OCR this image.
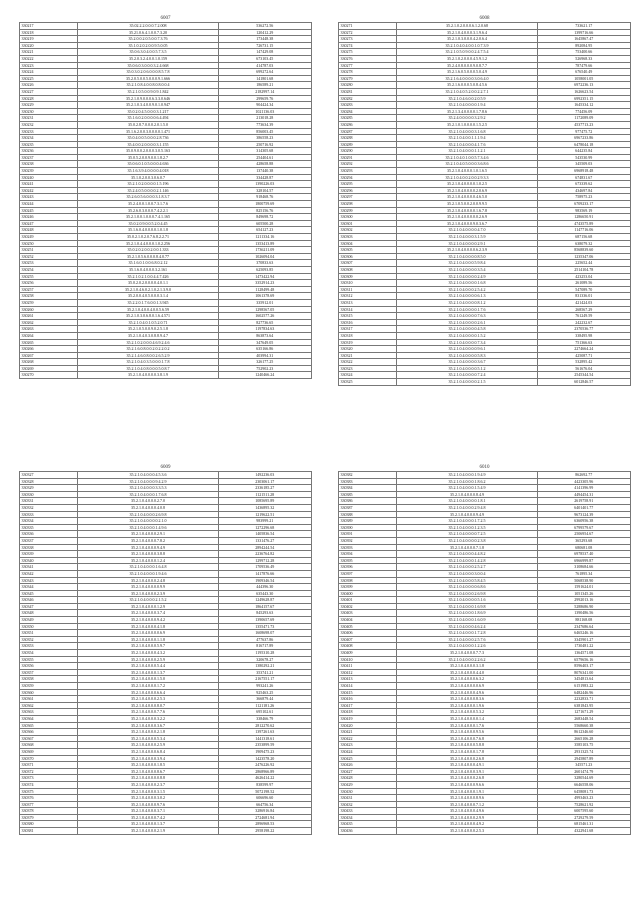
6007
330217	35.02.2.2.0.0.0.7.2.008	536272.56
330218	35.21.0.6.4.1.0.0.7.3.20	120412.29
330219	35.2.0.0.2.0.5.0.0.7.3.76	173448.38
330220	35.1.0.2.0.2.0.0.9.5.0.05	726731.15
330221	35.0.6.3.0.4.0.0.5.7.3.5	147429.08
330222	35.2.0.3.2.4.0.0.1.0.159	673103.45
330223	35.0.6.0.3.0.0.0.3.2.4.668	414787.03
330224	35.0.3.0.2.0.6.0.0.0.8.5.7.8	699272.64
330225	35.2.0.5.0.0.5.0.0.0.9.1.666	141801.68
330226	35.2.1.0.8.4.0.0.8.0.8.0.0.4	186589.21
330227	35.2.1.0.5.0.0.9.0.9.1.842	2182997.14
330228	35.2.1.0.9.0.0.0.6.3.3.0.646	299659.76
330229	35.2.1.0.3.4.0.0.9.0.1.0.947	904424.34
330230	35.0.2.0.4.5.0.0.0.3.1.217	1021136.03
330231	35.1.6.0.2.0.0.0.0.6.4.494	213018.28
330232	35.0.2.8.7.0.0.0.2.0.1.5.0	773634.39
330233	35.1.6.2.0.0.3.0.0.0.0.1.471	856003.45
330234	35.0.4.0.0.5.0.0.0.2.8.736	386558.23
330235	35.4.0.0.2.0.0.0.0.3.1.155	250716.92
330236	35.0.9.0.0.2.0.0.0.3.0.5.163	314305.68
330237	35.0.5.2.0.0.9.0.0.1.8.2.7	254404.61
330238	35.0.6.0.1.0.5.0.0.0.4.636	428658.88
330239	35.1.6.3.9.4.0.0.0.0.4.018	137440.38
330240	35.1.0.2.0.0.3.0.6.0.7	334428.87
330241	35.2.1.0.2.0.0.0.0.1.5.196	1390226.03
330242	35.2.4.0.5.0.0.0.0.2.1.146	328104.57
330243	35.2.6.0.5.6.0.0.0.3.1.8.3.7	918468.76
330244	35.2.4.0.0.1.0.0.7.3.1.7.6	1800759.69
330245	35.2.6.0.3.0.0.0.7.4.2.2.1	825156.76
330246	35.2.1.0.0.1.0.0.0.7.4.1.165	849698.72
330247	35.0.2.0.9.0.0.5.2.0.4.45	605500.28
330248	35.1.6.0.4.0.0.0.0.1.0.1.8	654127.23
330249	35.0.2.1.0.2.0.7.6.8.2.2.71	1211334.16
330250	35.2.1.0.4.4.0.0.0.1.0.2.256	1353413.89
330251	35.0.2.0.2.0.0.2.0.0.1.333	1736211.09
330252	35.2.1.0.5.6.0.0.0.8.4.0.77	1026094.04
330253	35.1.6.0.1.0.0.6.8.0.2.12	370833.63
330254	35.1.6.0.4.0.0.0.3.2.161	625093.85
330255	35.2.1.0.2.1.0.0.4.4.7.426	1473422.94
330256	35.0.2.0.2.0.0.0.0.4.0.1.1	3352914.23
330257	35.2.1.0.4.6.0.2.1.0.2.1.3.9.0	1128499.48
330258	35.2.0.0.4.0.5.0.0.0.3.1.4	1061378.69
330259	35.2.2.0.1.7.6.0.0.1.3.945	335912.01
330260	35.2.1.0.4.0.0.4.0.0.5.6.59	1298567.05
330261	35.2.1.0.3.0.6.8.0.1.6.4.571	1602577.26
330262	35.2.1.0.4.0.1.0.5.2.0.71	827736.65
330263	35.2.1.0.5.0.0.9.0.2.5.1.8	1197834.63
330264	35.2.1.0.4.0.3.0.8.8.9.4.7	863873.64
330265	35.2.1.0.2.0.0.0.4.6.9.2.4.6	347649.05
330266	35.2.1.6.0.8.0.0.2.0.2.2.0.2	635166.86
330267	35.2.1.4.6.0.8.0.0.2.6.5.2.9	403994.31
330268	35.2.1.0.4.0.3.5.0.0.0.1.7.8	326177.25
330269	35.2.1.0.4.0.8.0.0.0.5.0.8.7	752902.23
330270	35.2.1.0.4.0.0.0.0.3.8.1.9	1240466.24
6008
330271	35.2.1.0.2.0.0.0.6.1.2.0.68	733621.17
330272	35.2.1.0.4.0.0.0.3.1.9.6.4	1399716.66
330273	35.2.1.0.3.0.0.0.4.2.0.6.4	1645867.47
330274	35.2.1.0.4.0.4.0.0.1.0.7.3.9	892084.95
330275	35.2.1.0.5.0.9.0.0.2.4.7.5.4	753400.66
330276	35.2.1.0.2.0.0.0.4.5.9.1.2	526968.33
330277	35.2.4.0.8.0.0.0.9.0.8.7.7	787479.66
330278	35.2.1.6.0.5.0.0.0.5.0.4.9	676540.49
330279	35.2.1.6.4.0.0.0.0.3.0.6.4.0	1058001.05
330280	35.2.1.6.0.0.0.5.0.8.4.5.6	6972236.13
330281	35.2.1.0.4.0.5.2.0.0.2.2.7.1	1626623.54
330282	35.2.1.0.4.6.0.0.2.0.5.9	6992351.15
330283	35.2.1.0.4.0.0.0.0.1.9.4	1645334.12
330284	35.2.1.3.4.0.0.0.0.1.7.8.6	774456.09
330285	35.2.4.0.0.0.0.0.3.2.9.2	1172089.09
330286	35.2.1.0.1.0.0.0.0.1.5.2.5	4537713.23
330287	35.2.1.0.4.0.0.0.3.1.6.8	977475.72
330288	35.2.1.0.4.0.0.1.1.1.9.4	6967233.86
330289	35.2.1.0.4.0.0.0.4.1.7.6	6478044.18
330290	35.2.1.0.4.0.0.0.1.1.2.1	644235.84
330291	35.2.1.0.4.0.1.0.0.5.7.3.4.6	543530.99
330292	35.2.1.0.4.0.5.0.0.0.3.6.8.6	345509.03
330293	35.2.1.0.4.0.0.0.1.0.1.6.5	6968918.48
330294	35.2.1.0.4.0.0.2.0.0.2.9.3.3	674831.67
330295	35.2.1.0.4.0.0.0.0.1.0.2.5	673339.62
330296	35.2.1.0.4.0.0.0.0.2.0.6.9	434697.84
330297	35.2.1.0.4.0.0.0.0.4.6.5.0	758975.23
330298	35.2.1.0.5.0.0.2.0.0.9.9.5	6709233.17
330299	35.2.1.0.4.0.0.0.0.1.6.7.8	983569.19
330300	35.2.1.0.4.0.0.0.0.0.2.6.9	1286650.91
330301	35.2.1.0.4.0.0.0.9.0.3.6.7	4743575.89
330302	35.2.1.0.4.0.0.0.0.4.7.0	1147716.06
330303	35.2.1.0.4.0.0.0.3.1.5.9	687156.68
330304	35.2.1.0.4.0.0.0.0.2.9.1	638079.32
330305	35.2.1.0.4.0.0.0.0.6.2.3.9	8568839.60
330306	35.2.1.0.4.0.0.0.0.8.5.0	1235347.06
330307	35.2.1.0.4.0.0.0.5.9.8.4	225652.44
330308	35.2.1.0.4.0.0.0.0.3.5.4	2514104.78
330309	35.2.1.0.4.0.0.0.0.2.4.9	423253.04
330310	35.2.1.0.4.0.0.0.0.1.6.8	261089.56
330311	35.2.1.0.4.0.0.0.2.5.4.2	547089.70
330312	35.2.1.0.4.0.0.0.0.6.1.3	831336.01
330313	35.2.1.0.4.0.0.0.0.8.1.2	421424.03
330314	35.2.1.0.4.0.0.0.0.1.7.6	268567.29
330315	35.2.1.0.4.0.0.0.0.7.6.3	761249.59
330316	35.2.1.0.4.0.0.0.0.2.6.1	242232.67
330317	35.2.1.0.4.0.0.0.0.4.5.8	2370536.77
330318	35.2.1.0.4.0.0.0.0.1.5.2	338495.98
330319	35.2.1.0.4.0.0.0.0.7.3.4	751366.63
330320	35.2.1.0.4.0.0.0.0.9.6.1	2274664.24
330321	35.2.1.0.4.0.0.0.0.5.8.3	425087.71
330322	35.2.1.0.4.0.0.0.0.3.6.7	532895.42
330323	35.2.1.0.4.0.0.0.0.5.1.2	561676.04
330324	35.2.1.0.4.0.0.0.0.7.2.4	2545344.54
330325	35.2.1.0.4.0.0.0.0.2.1.5	6012846.57
6009
330327	35.2.1.0.4.0.0.0.4.5.3.6	1492236.03
330328	35.2.1.0.4.0.0.0.9.4.2.9	2303061.17
330329	35.2.1.0.4.0.0.0.3.3.5.3	2336185.27
330330	35.2.1.0.4.0.0.0.1.7.6.8	1121511.28
330331	35.2.1.0.4.0.0.0.2.7.0	1085695.89
330332	35.2.1.0.4.0.0.0.4.0.8	1436895.32
330333	35.2.1.0.4.0.0.0.2.6.9.8	1219622.51
330334	35.2.1.0.4.0.0.0.0.2.1.0	983999.21
330335	35.2.1.0.4.0.0.0.1.4.9.6	1272296.68
330336	35.2.1.0.4.0.0.0.2.9.1	1405836.54
330337	35.2.1.0.4.0.0.0.7.8.2	1331476.27
330338	35.2.1.0.4.0.0.0.9.4.9	2894244.54
330339	35.2.1.0.4.0.0.0.3.8.8	2236764.82
330340	35.2.1.0.4.0.0.0.1.2.4	1299712.28
330341	35.2.1.0.4.0.0.0.1.6.4.8	1709536.49
330342	35.2.1.0.4.0.0.0.1.9.4.6	1417876.66
330343	35.2.1.0.4.0.0.0.2.4.8	1909346.54
330344	35.2.1.0.4.0.0.0.0.9.9	444396.30
330345	35.2.1.0.4.0.0.0.2.3.9	635443.30
330346	35.2.1.0.4.0.0.0.2.1.5.2	1249628.87
330347	35.2.1.0.4.0.0.0.1.2.9	1864157.67
330348	35.2.1.0.4.0.0.0.3.7.4	845293.63
330349	35.2.1.0.4.0.0.0.9.4.2	1390657.69
330350	35.2.1.0.4.0.0.0.4.1.8	1355471.73
330351	35.2.1.0.4.0.0.0.0.6.9	1608698.07
330352	35.2.1.0.4.0.0.0.1.1.8	477637.86
330353	35.2.1.0.4.0.0.0.5.9.7	816717.89
330354	35.2.1.0.4.0.0.0.4.3.2	1195310.28
330355	35.2.1.0.4.0.0.0.2.5.9	320678.27
330356	35.2.1.0.4.0.0.0.5.4.4	1380292.21
330357	35.2.1.0.4.0.0.0.1.3.7	353741.21
330358	35.2.1.0.4.0.0.0.1.5.0	2167551.17
330359	35.2.1.0.4.0.0.0.1.7.2	993241.26
330360	35.2.1.0.4.0.0.0.6.6.4	925463.25
330361	35.2.1.0.4.0.0.0.2.5.3	366879.44
330362	35.2.1.0.4.0.0.0.8.0.7	1121181.26
330363	35.2.1.0.4.0.0.0.7.7.6	695102.61
330364	35.2.1.0.4.0.0.0.3.2.2	338466.79
330365	35.2.1.0.4.0.0.0.3.6.7	2812270.62
330366	35.2.1.0.4.0.0.0.2.1.8	1397261.63
330367	35.2.1.0.4.0.0.0.5.3.4	1441318.61
330368	35.2.1.0.4.0.0.0.2.5.9	2353899.59
330369	35.2.1.0.4.0.0.0.6.8.4	1909475.23
330370	35.2.1.0.4.0.0.0.3.9.4	1423578.20
330371	35.2.1.0.4.0.0.0.1.8.5	2476226.92
330372	35.2.1.0.4.0.0.0.8.6.7	2868966.89
330373	35.2.1.0.4.0.0.0.0.8.8	4626414.22
330374	35.2.1.0.4.0.0.0.2.3.7	838599.97
330375	35.2.1.0.4.0.0.0.3.1.5	5072198.52
330376	35.2.1.0.4.0.0.0.3.0.2	606696.60
330377	35.2.1.0.4.0.0.0.9.7.6	664756.34
330378	35.2.1.0.4.0.0.0.3.7.1	3286916.84
330379	35.2.1.0.4.0.0.0.7.4.2	2724681.94
330380	35.2.1.0.4.0.0.0.1.3.7	2896968.53
330381	35.2.1.0.4.0.0.0.2.1.9	2958198.22
6010
330382	35.2.1.0.4.0.0.0.1.9.4.9	862692.77
330383	35.2.1.0.4.0.0.0.1.8.6.2	4423305.96
330384	35.2.1.0.4.0.0.0.1.5.4.9	4141396.99
330385	35.2.1.0.4.0.0.0.8.4.9	4494454.31
330386	35.2.1.0.4.0.0.0.0.1.8.1	2619758.91
330387	35.2.1.0.4.0.0.0.2.9.4.8	6401401.77
330388	35.2.1.0.4.0.0.0.9.4.9	9673124.39
330389	35.2.1.0.4.0.0.0.1.7.2.5	6360956.38
330390	35.2.1.0.4.0.0.0.1.2.3.5	6799579.67
330391	35.2.1.0.4.0.0.0.0.7.2.5	2506954.67
330392	35.2.1.0.4.0.0.0.0.2.3.8	365293.68
330393	35.2.1.0.4.0.0.0.7.1.8	680681.08
330394	35.2.1.0.4.0.0.0.4.4.8.2	6978537.40
330395	35.2.1.0.4.0.0.0.1.4.2.8	6966999.87
330396	35.2.1.0.4.0.0.0.2.5.2.7	3108684.66
330397	35.2.1.0.4.0.0.0.3.0.0.4	761895.34
330398	35.2.1.0.4.0.0.0.5.8.4.5	5068538.90
330399	35.2.1.0.4.0.0.0.0.6.8.6	1591624.01
330400	35.2.1.0.4.0.0.0.2.6.9.8	1051345.26
330401	35.2.1.0.4.0.0.0.0.5.1.6	2992013.16
330402	35.2.1.0.4.0.0.0.1.6.9.8	5288686.90
330403	35.2.1.0.4.0.0.0.1.8.6.9	1390486.56
330404	35.2.1.0.4.0.0.0.1.6.0.9	881168.08
330405	35.2.1.0.4.0.0.0.4.6.2.4	2347686.64
330406	35.2.1.0.4.0.0.0.1.7.2.8	6465246.16
330407	35.2.1.0.4.0.0.0.2.5.7.6	3345901.27
330408	35.2.1.0.4.0.0.0.1.2.2.6	1730481.22
330409	35.2.1.0.4.0.0.0.7.7.3	1364571.08
330410	35.2.1.0.4.0.0.0.2.2.6.2	6579656.16
330411	35.2.1.0.4.0.0.0.3.1.8	8596403.17
330412	35.2.1.0.4.0.0.0.4.4.0	8076341.00
330413	35.2.1.0.4.0.0.0.6.3.2	3454813.64
330414	35.2.1.0.4.0.0.0.0.6.9	6151983.22
330415	35.2.1.0.4.0.0.0.4.9.6	6482446.96
330416	35.2.1.0.4.0.0.0.8.3.6	2232833.71
330417	35.2.1.0.4.0.0.0.1.9.6	6381843.95
330418	35.2.1.0.4.0.0.0.5.3.2	1271671.29
330419	35.2.1.0.4.0.0.0.0.1.4	2683448.54
330420	35.2.1.0.4.0.0.0.1.7.6	5568660.38
330421	35.2.1.0.4.0.0.0.9.5.6	8612346.60
330422	35.2.1.0.4.0.0.0.7.6.8	2665106.28
330423	35.2.1.0.4.0.0.0.5.8.8	3585103.75
330424	35.2.1.0.4.0.0.0.1.7.8	2931325.74
330425	35.2.1.0.4.0.0.0.2.6.8	2945807.89
330426	35.2.1.0.4.0.0.0.4.9.1	345571.23
330427	35.2.1.0.4.0.0.0.3.9.1	2601474.79
330428	35.2.1.0.4.0.0.0.2.6.8	3280544.69
330429	35.2.1.0.4.0.0.0.9.6.6	6646558.06
330430	35.2.1.0.4.0.0.0.1.9.1	6458081.73
330431	35.2.1.0.4.0.0.0.8.9.6	4993463.23
330432	35.2.1.0.4.0.0.0.7.1.2	7528621.92
330433	35.2.1.0.4.0.0.0.4.9.6	6007595.60
330434	35.2.1.0.4.0.0.0.2.9.9	2729279.59
330435	35.2.1.0.4.0.0.0.4.9.2	6815461.31
330436	35.2.1.0.4.0.0.0.2.5.3	4322941.68
